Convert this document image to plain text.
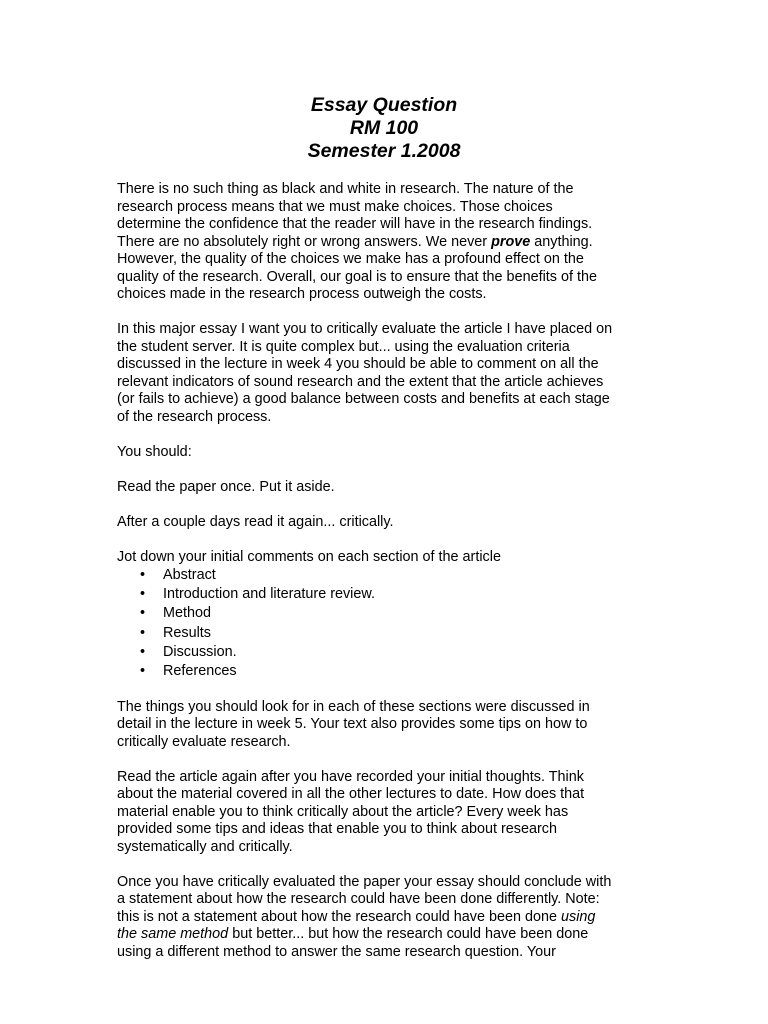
Essay Question
RM 100
Semester 1.2008
There is no such thing as black and white in research. The nature of the
research process means that we must make choices. Those choices
determine the confidence that the reader will have in the research findings.
There are no absolutely right or wrong answers. We never prove anything.
However, the quality of the choices we make has a profound effect on the
quality of the research. Overall, our goal is to ensure that the benefits of the
choices made in the research process outweigh the costs.
In this major essay I want you to critically evaluate the article I have placed on
the student server. It is quite complex but... using the evaluation criteria
discussed in the lecture in week 4 you should be able to comment on all the
relevant indicators of sound research and the extent that the article achieves
(or fails to achieve) a good balance between costs and benefits at each stage
of the research process.
You should:
Read the paper once. Put it aside.
After a couple days read it again... critically.
Jot down your initial comments on each section of the article
• Abstract
• Introduction and literature review.
• Method
• Results
• Discussion.
• References
The things you should look for in each of these sections were discussed in
detail in the lecture in week 5. Your text also provides some tips on how to
critically evaluate research.
Read the article again after you have recorded your initial thoughts. Think
about the material covered in all the other lectures to date. How does that
material enable you to think critically about the article? Every week has
provided some tips and ideas that enable you to think about research
systematically and critically.
Once you have critically evaluated the paper your essay should conclude with
a statement about how the research could have been done differently. Note:
this is not a statement about how the research could have been done using
the same method but better... but how the research could have been done
using a different method to answer the same research question. Your
